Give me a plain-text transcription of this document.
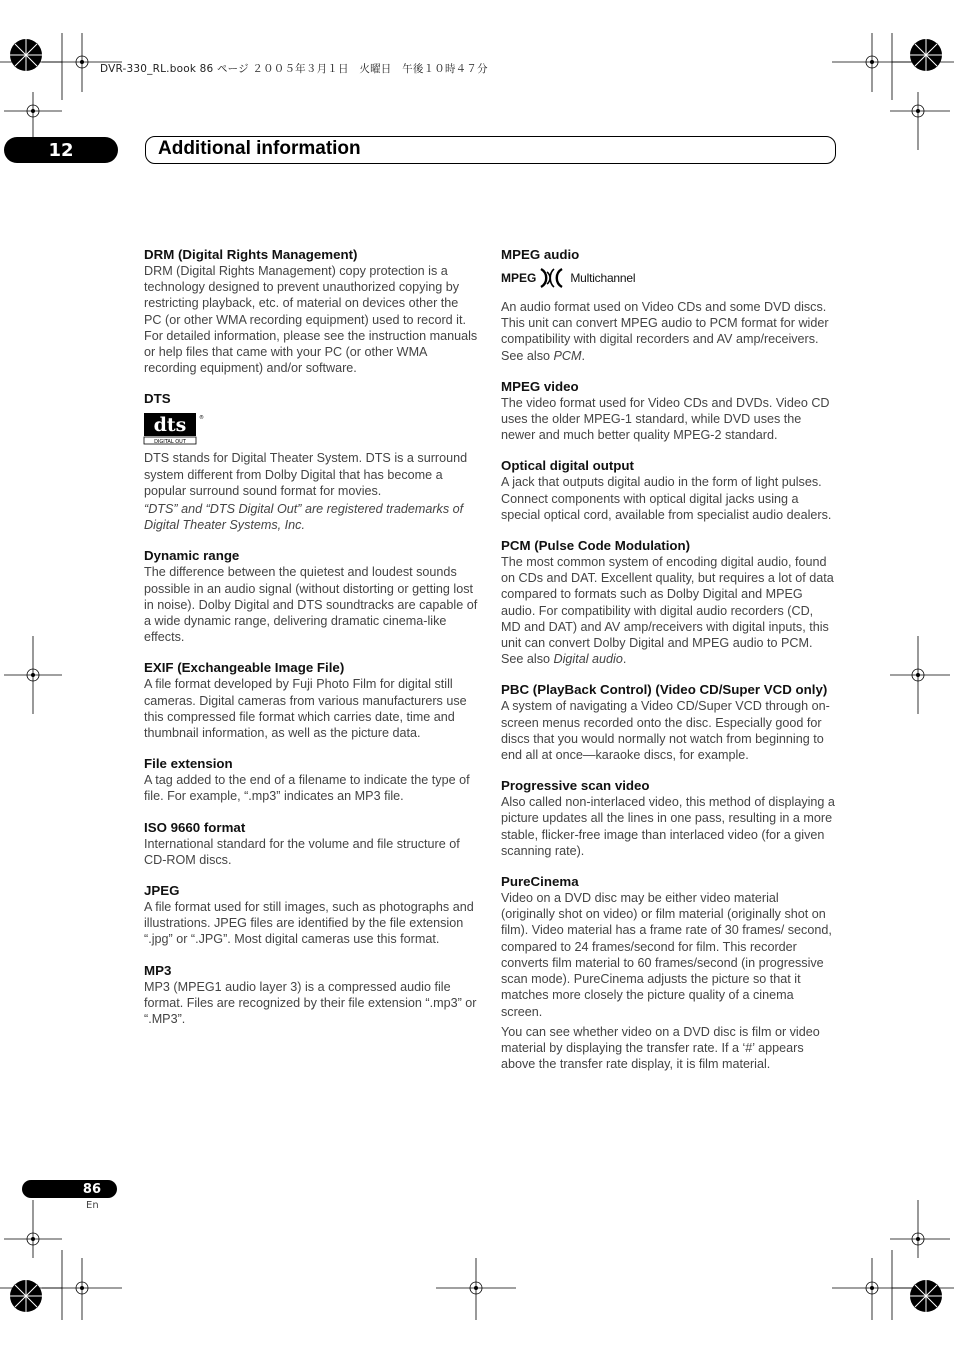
DVR-330_RL.book 86 ページ ２００５年３月１日　火曜日　午後１０時４７分
12	Additional information

DRM (Digital Rights Management)

DRM (Digital Rights Management) copy protection is a technology designed to prevent unauthorized copying by restricting playback, etc. of material on devices other the PC (or other WMA recording equipment) used to record it. For detailed information, please see the instruction manuals or help files that came with your PC (or other WMA recording equipment) and/or software.

DTS

dts
DIGITAL OUT
®

DTS stands for Digital Theater System. DTS is a surround system different from Dolby Digital that has become a popular surround sound format for movies.

“DTS” and “DTS Digital Out” are registered trademarks of Digital Theater Systems, Inc.

Dynamic range

The difference between the quietest and loudest sounds possible in an audio signal (without distorting or getting lost in noise). Dolby Digital and DTS soundtracks are capable of a wide dynamic range, delivering dramatic cinema-like effects.

EXIF (Exchangeable Image File)

A file format developed by Fuji Photo Film for digital still cameras. Digital cameras from various manufacturers use this compressed file format which carries date, time and thumbnail information, as well as the picture data.

File extension

A tag added to the end of a filename to indicate the type of file. For example, “.mp3” indicates an MP3 file.

ISO 9660 format

International standard for the volume and file structure of CD-ROM discs.

JPEG

A file format used for still images, such as photographs and illustrations. JPEG files are identified by the file extension “.jpg” or “.JPG”. Most digital cameras use this format.

MP3

MP3 (MPEG1 audio layer 3) is a compressed audio file format. Files are recognized by their file extension “.mp3” or “.MP3”.

MPEG audio

MPEG	Multichannel

An audio format used on Video CDs and some DVD discs. This unit can convert MPEG audio to PCM format for wider compatibility with digital recorders and AV amp/receivers. See also PCM.

MPEG video

The video format used for Video CDs and DVDs. Video CD uses the older MPEG-1 standard, while DVD uses the newer and much better quality MPEG-2 standard.

Optical digital output

A jack that outputs digital audio in the form of light pulses. Connect components with optical digital jacks using a special optical cord, available from specialist audio dealers.

PCM (Pulse Code Modulation)

The most common system of encoding digital audio, found on CDs and DAT. Excellent quality, but requires a lot of data compared to formats such as Dolby Digital and MPEG audio. For compatibility with digital audio recorders (CD, MD and DAT) and AV amp/receivers with digital inputs, this unit can convert Dolby Digital and MPEG audio to PCM. See also Digital audio.

PBC (PlayBack Control) (Video CD/Super VCD only)

A system of navigating a Video CD/Super VCD through on-screen menus recorded onto the disc. Especially good for discs that you would normally not watch from beginning to end all at once—karaoke discs, for example.

Progressive scan video

Also called non-interlaced video, this method of displaying a picture updates all the lines in one pass, resulting in a more stable, flicker-free image than interlaced video (for a given scanning rate).

PureCinema

Video on a DVD disc may be either video material (originally shot on video) or film material (originally shot on film). Video material has a frame rate of 30 frames/ second, compared to 24 frames/second for film. This recorder converts film material to 60 frames/second (in progressive scan mode). PureCinema adjusts the picture so that it matches more closely the picture quality of a cinema screen.

You can see whether video on a DVD disc is film or video material by displaying the transfer rate. If a ‘#’ appears above the transfer rate display, it is film material.

86
En
